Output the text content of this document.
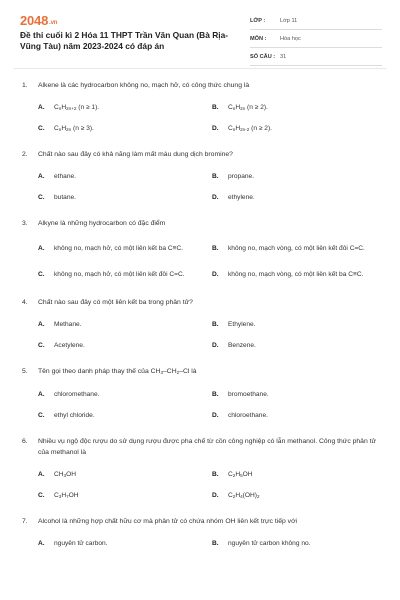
2048.vn
Đề thi cuối kì 2 Hóa 11 THPT Trần Văn Quan (Bà Rịa-Vũng Tàu) năm 2023-2024 có đáp án
LỚP :	Lớp 11
MÔN :	Hóa học
SỐ CÂU : 31
1.	Alkene là các hydrocarbon không no, mạch hở, có công thức chung là
A.	$C_nH_{2n+2}$ (n ≥ 1).	B.	$C_nH_{2n}$ (n ≥ 2).
C.	$C_nH_{2n}$ (n ≥ 3).	D.	$C_nH_{2n-2}$ (n ≥ 2).
2.	Chất nào sau đây có khả năng làm mất màu dung dịch bromine?
A.	ethane.	B.	propane.
C.	butane.	D.	ethylene.
3.	Alkyne là những hydrocarbon có đặc điểm
A.	không no, mạch hở, có một liên kết ba C≡C.	B.	không no, mạch vòng, có một liên kết đôi C=C.
C.	không no, mạch hở, có một liên kết đôi C=C.	D.	không no, mạch vòng, có một liên kết ba C≡C.
4.	Chất nào sau đây có một liên kết ba trong phân tử?
A.	Methane.	B.	Ethylene.
C.	Acetylene.	D.	Benzene.
5.	Tên gọi theo danh pháp thay thế của $CH_3-CH_2-Cl$ là
A.	chloromethane.	B.	bromoethane.
C.	ethyl chloride.	D.	chloroethane.
6.	Nhiều vụ ngộ độc rượu do sử dụng rượu được pha chế từ cồn công nghiệp có lẫn methanol. Công thức phân tử của methanol là
A.	$CH_3OH$	B.	$C_2H_5OH$
C.	$C_3H_7OH$	D.	$C_2H_4(OH)_2$
7.	Alcohol là những hợp chất hữu cơ mà phân tử có chứa nhóm OH liên kết trực tiếp với
A.	nguyên tử carbon.	B.	nguyên tử carbon không no.
